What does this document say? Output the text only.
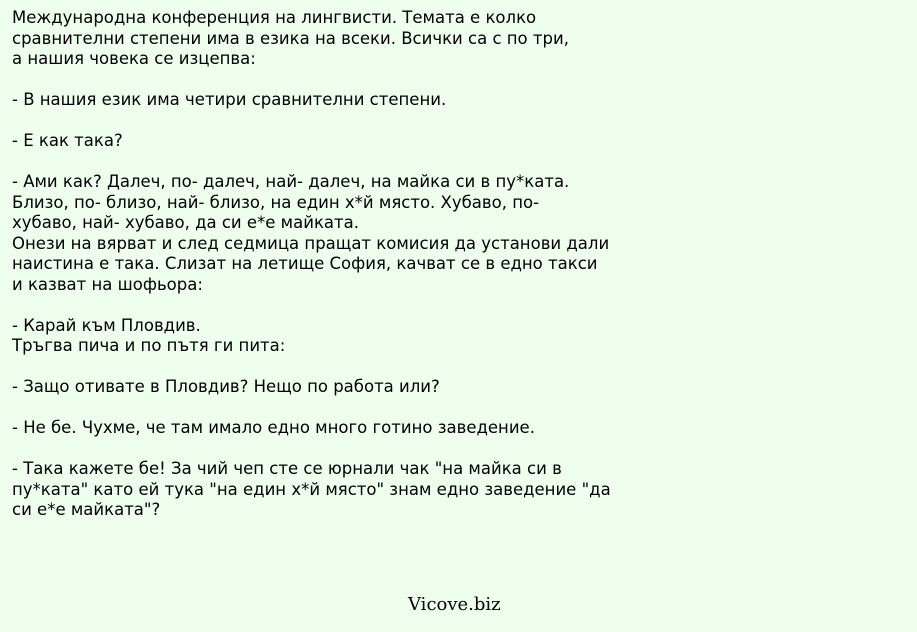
Международна конференция на лингвисти. Темата е колко
сравнителни степени има в езика на всеки. Всички са с по три,
а нашия човека се изцепва:
- В нашия език има четири сравнителни степени.
- Е как така?
- Ами как? Далеч, по- далеч, най- далеч, на майка си в пу*ката.
Близо, по- близо, най- близо, на един х*й място. Хубаво, по-
хубаво, най- хубаво, да си е*е майката.
Онези на вярват и след седмица пращат комисия да установи дали
наистина е така. Слизат на летище София, качват се в едно такси
и казват на шофьора:
- Карай към Пловдив.
Тръгва пича и по пътя ги пита:
- Защо отивате в Пловдив? Нещо по работа или?
- Не бе. Чухме, че там имало едно много готино заведение.
- Така кажете бе! За чий чеп сте се юрнали чак "на майка си в
пу*ката" като ей тука "на един х*й място" знам едно заведение "да
си е*е майката"?
Vicove.biz
